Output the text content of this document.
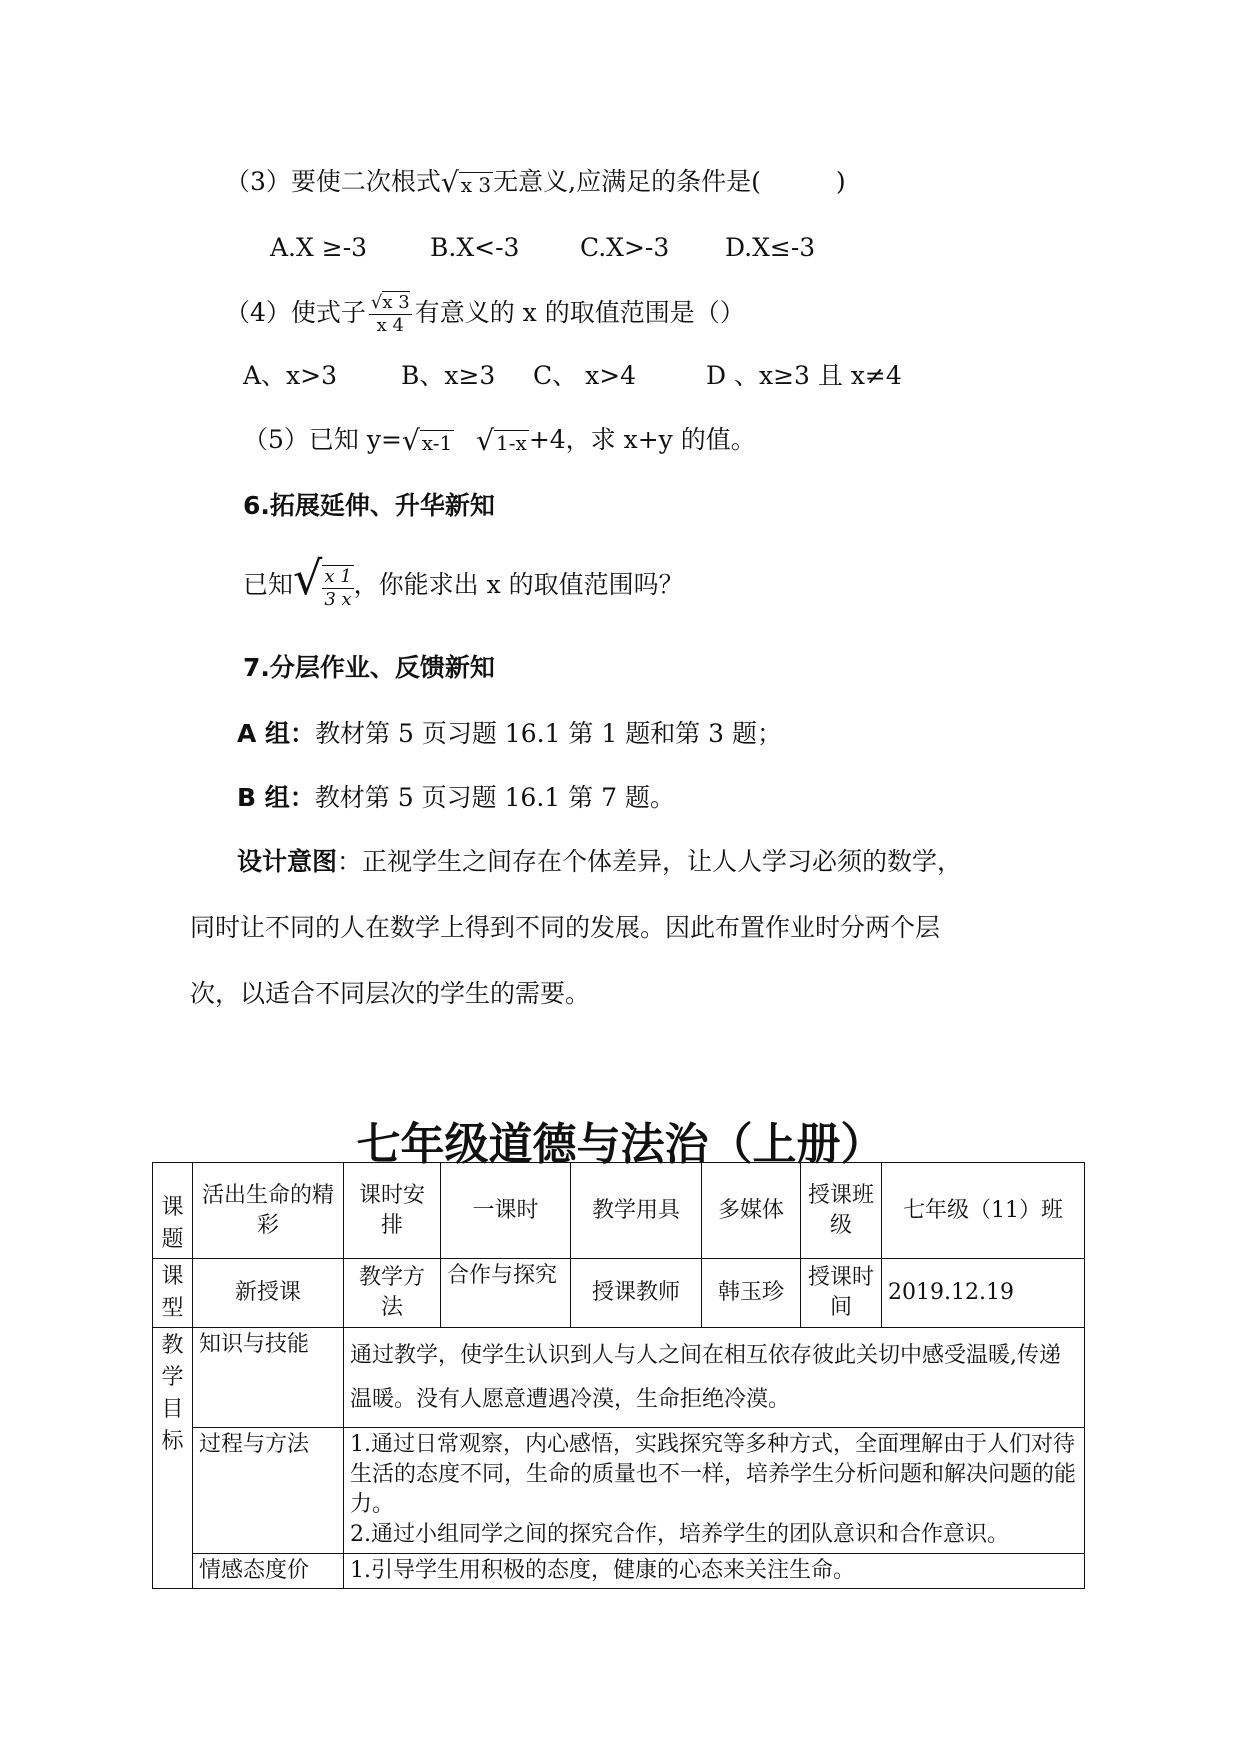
（3）要使二次根式√ x 3无意义,应满足的条件是(　　　)
A.X ≥-3	B.X<-3 C.X>-3 D.X≤-3
（4）使式子 $\frac{√x 3}{x 4}$ 有意义的 x 的取值范围是（）
A、x>3	B、x≥3 C、 x>4	D 、x≥3 且 x≠4
（5）已知 y=√ x-1 √ 1-x+4，求 x+y 的值。
6.拓展延伸、升华新知
已知√ $\frac{x 1}{3 x}$ ，你能求出 x 的取值范围吗？
7.分层作业、反馈新知
A 组：教材第 5 页习题 16.1 第 1 题和第 3 题；
B 组：教材第 5 页习题 16.1 第 7 题。
设计意图：正视学生之间存在个体差异，让人人学习必须的数学，
同时让不同的人在数学上得到不同的发展。因此布置作业时分两个层
次，以适合不同层次的学生的需要。
七年级道德与法治（上册）
课题	活出生命的精彩	课时安排	一课时	教学用具	多媒体	授课班级	七年级（11）班
课型	新授课	教学方法	合作与探究	授课教师	韩玉珍	授课时间	2019.12.19
教学目标	知识与技能	通过教学，使学生认识到人与人之间在相互依存彼此关切中感受温暖,传递温暖。没有人愿意遭遇冷漠，生命拒绝冷漠。					
	过程与方法	1.通过日常观察，内心感悟，实践探究等多种方式，全面理解由于人们对待生活的态度不同，生命的质量也不一样，培养学生分析问题和解决问题的能力。
2.通过小组同学之间的探究合作，培养学生的团队意识和合作意识。					

	情感态度价	1.引导学生用积极的态度，健康的心态来关注生命。					
